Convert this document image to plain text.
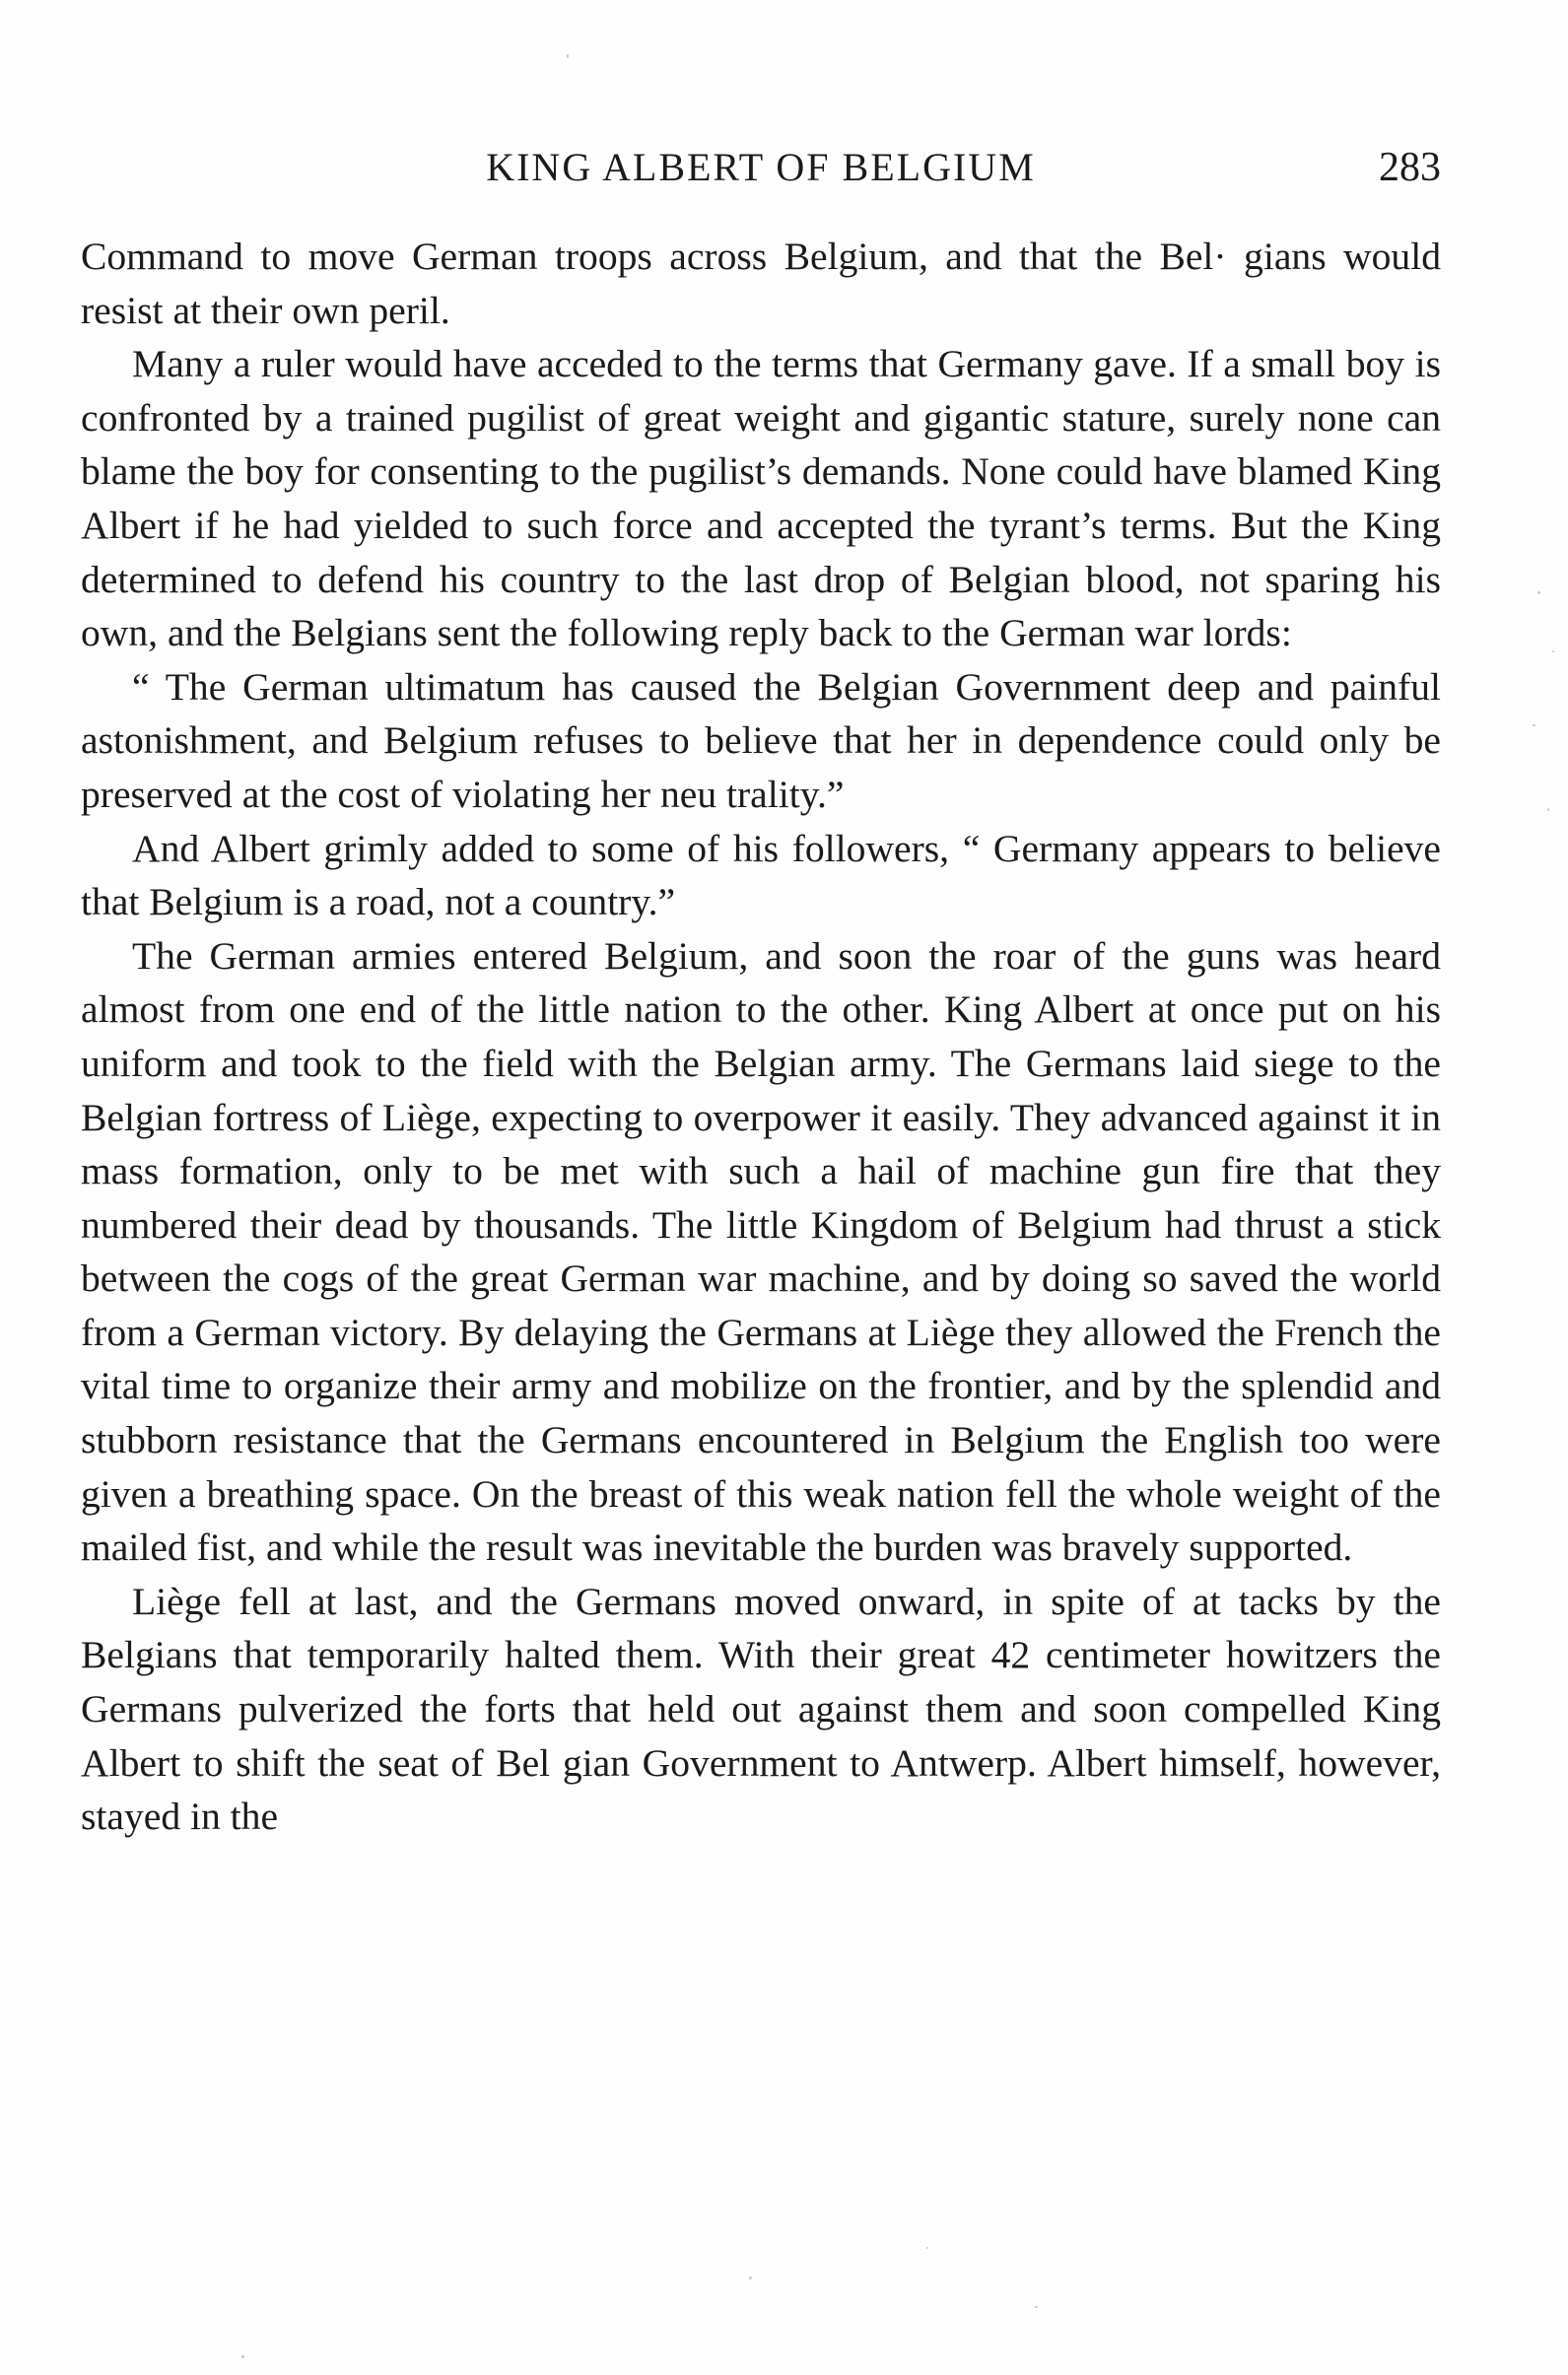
KING ALBERT OF BELGIUM	283

Command to move German troops across Belgium, and that the Bel· gians would resist at their own peril.

Many a ruler would have acceded to the terms that Germany gave. If a small boy is confronted by a trained pugilist of great weight and gigantic stature, surely none can blame the boy for consenting to the pugilist’s demands. None could have blamed King Albert if he had yielded to such force and accepted the tyrant’s terms. But the King determined to defend his country to the last drop of Belgian blood, not sparing his own, and the Belgians sent the following reply back to the German war lords:

“ The German ultimatum has caused the Belgian Government deep and painful astonishment, and Belgium refuses to believe that her in dependence could only be preserved at the cost of violating her neu trality.”

And Albert grimly added to some of his followers, “ Germany appears to believe that Belgium is a road, not a country.”

The German armies entered Belgium, and soon the roar of the guns was heard almost from one end of the little nation to the other. King Albert at once put on his uniform and took to the field with the Belgian army. The Germans laid siege to the Belgian fortress of Liège, expecting to overpower it easily. They advanced against it in mass formation, only to be met with such a hail of machine gun fire that they numbered their dead by thousands. The little Kingdom of Belgium had thrust a stick between the cogs of the great German war machine, and by doing so saved the world from a German victory. By delaying the Germans at Liège they allowed the French the vital time to organize their army and mobilize on the frontier, and by the splendid and stubborn resistance that the Germans encountered in Belgium the English too were given a breathing space. On the breast of this weak nation fell the whole weight of the mailed fist, and while the result was inevitable the burden was bravely supported.

Liège fell at last, and the Germans moved onward, in spite of at tacks by the Belgians that temporarily halted them. With their great 42 centimeter howitzers the Germans pulverized the forts that held out against them and soon compelled King Albert to shift the seat of Bel gian Government to Antwerp. Albert himself, however, stayed in the
